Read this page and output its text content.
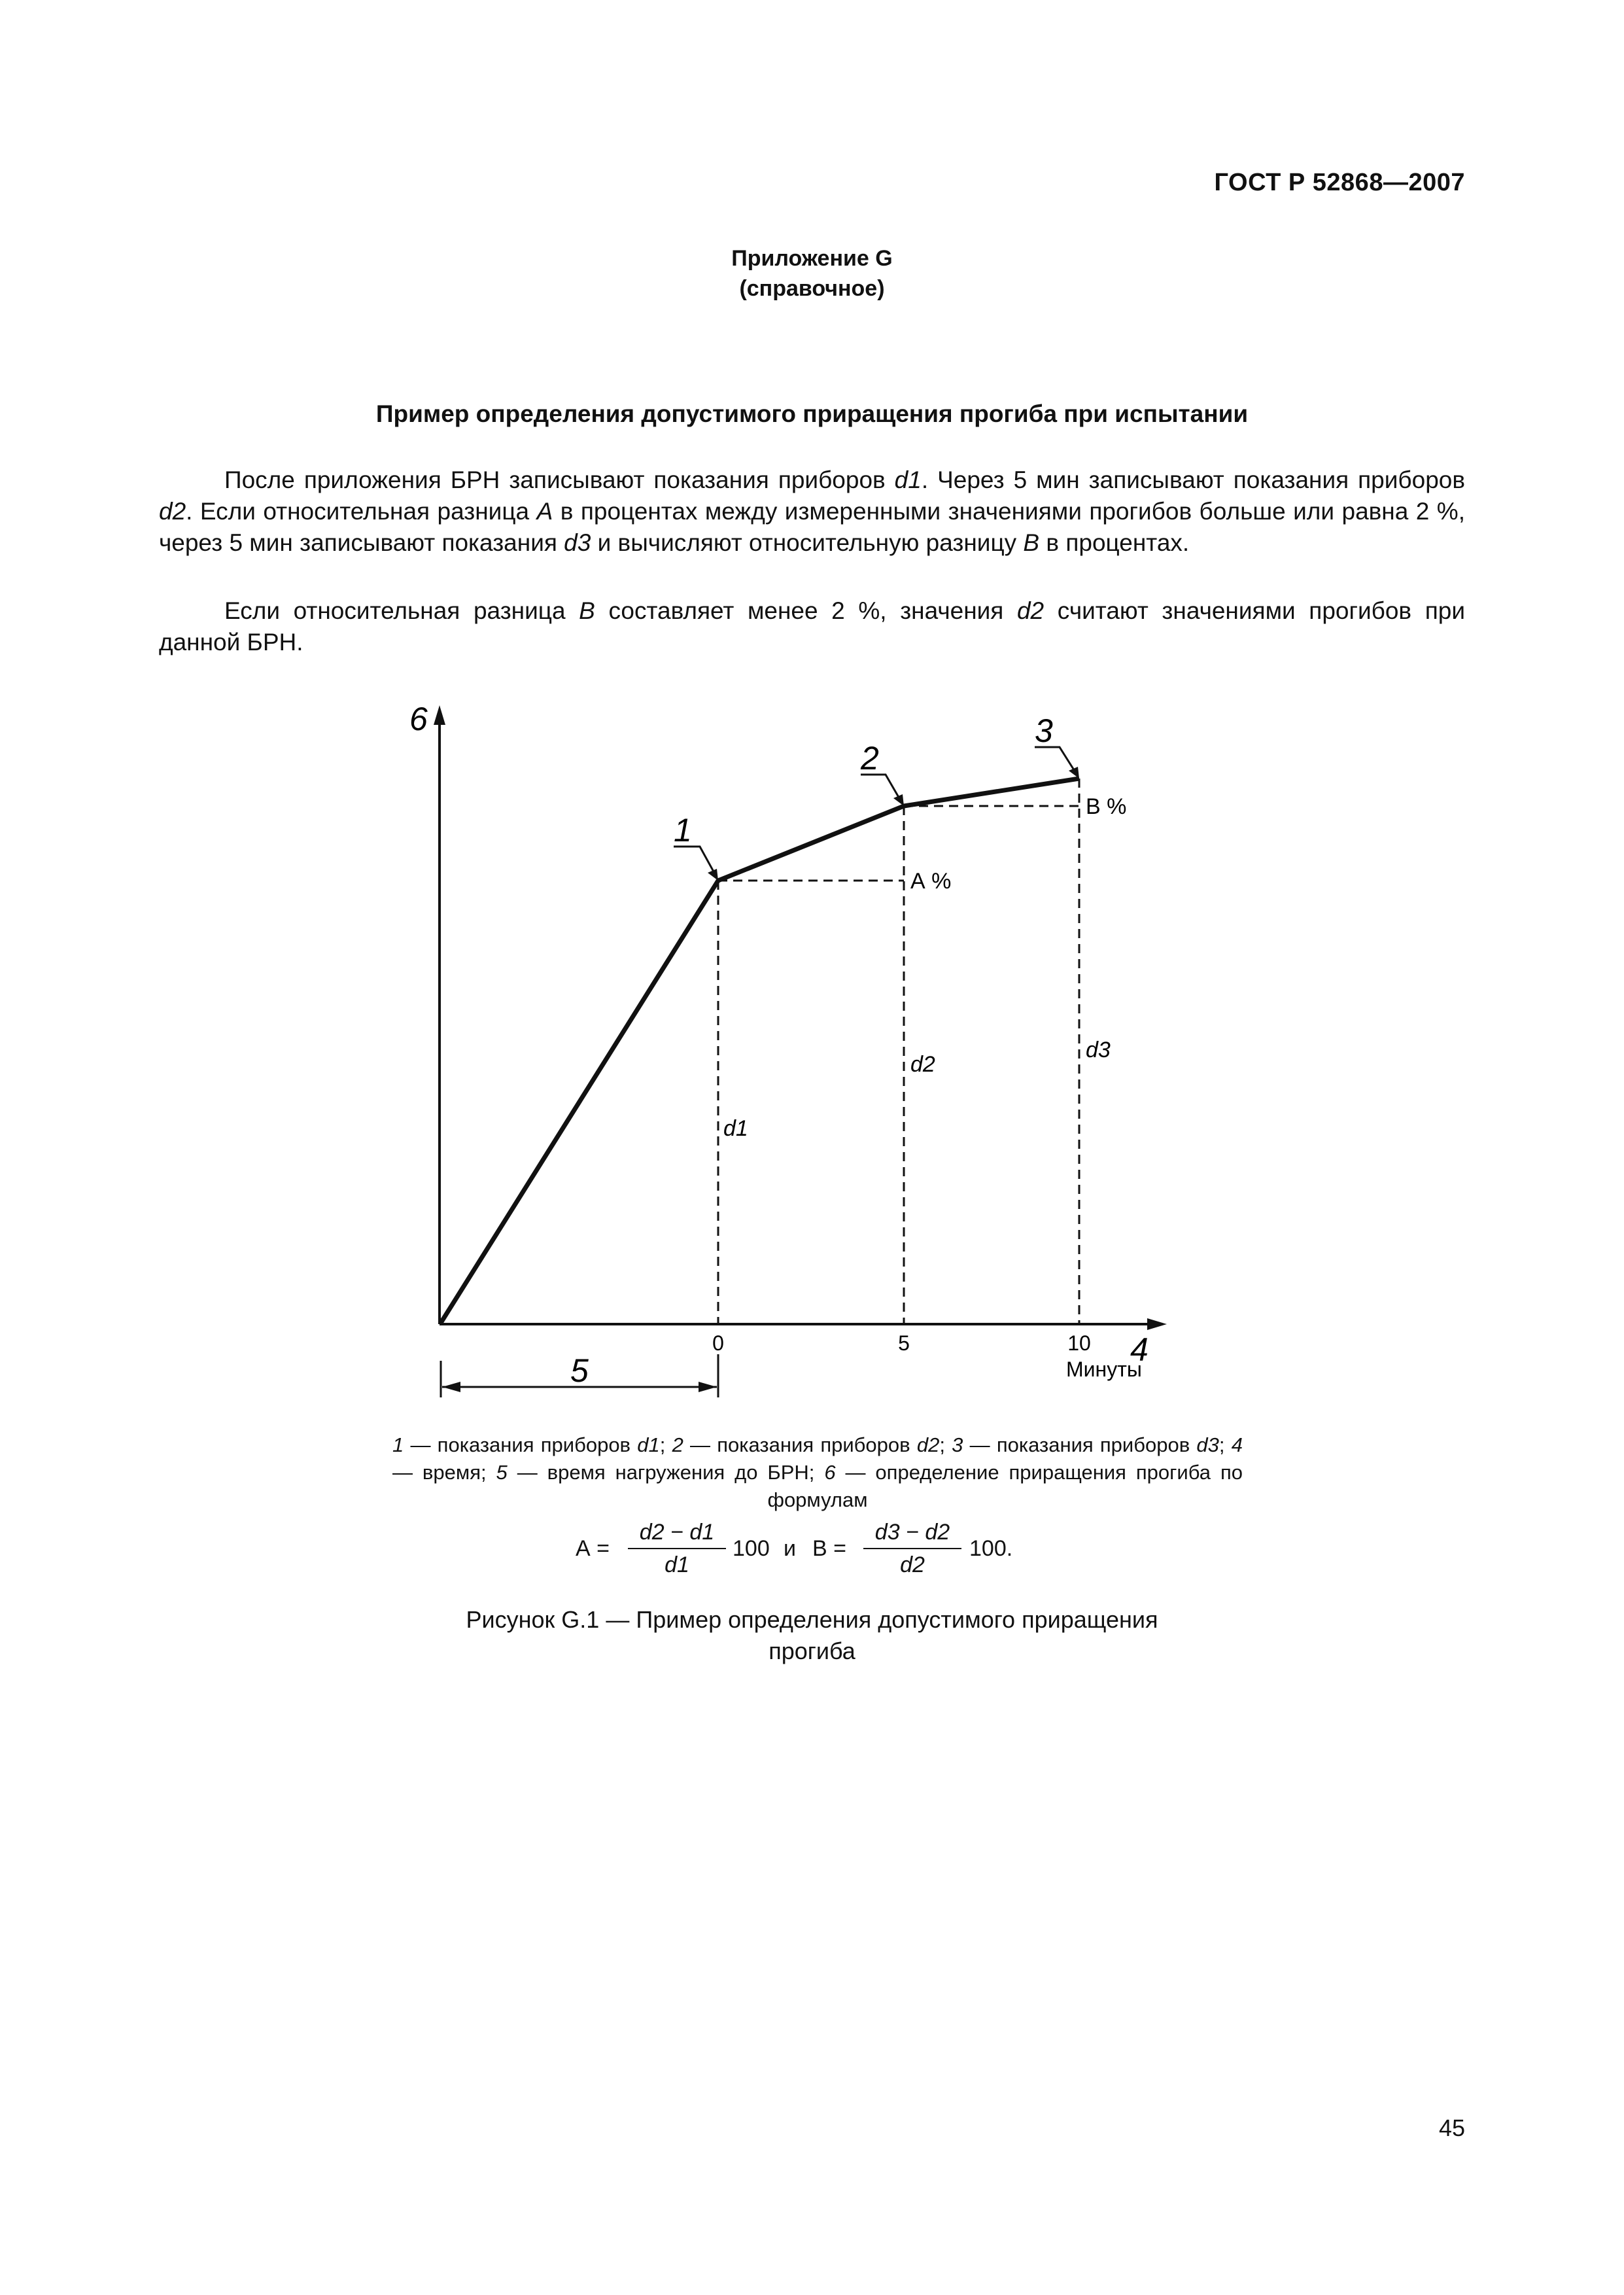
ГОСТ Р 52868—2007
Приложение G
(справочное)
Пример определения допустимого приращения прогиба при испытании
После приложения БРН записывают показания приборов d1. Через 5 мин записывают показания приборов d2. Если относительная разница А в процентах между измеренными значениями прогибов больше или равна 2 %, через 5 мин записывают показания d3 и вычисляют относительную разницу В в процентах.
Если относительная разница В составляет менее 2 %, значения d2 считают значениями прогибов при данной БРН.
6
4
5
1
2
3
А %
В %
d1
d2
d3
0	5	10
Минуты
1 — показания приборов d1; 2 — показания приборов d2; 3 — показания приборов d3; 4 — время; 5 — время нагружения до БРН; 6 — определение приращения прогиба по формулам
А =
d2 − d1
d1
100 и В =
d3 − d2
d2
100.
Рисунок G.1 — Пример определения допустимого приращения
прогиба
45
